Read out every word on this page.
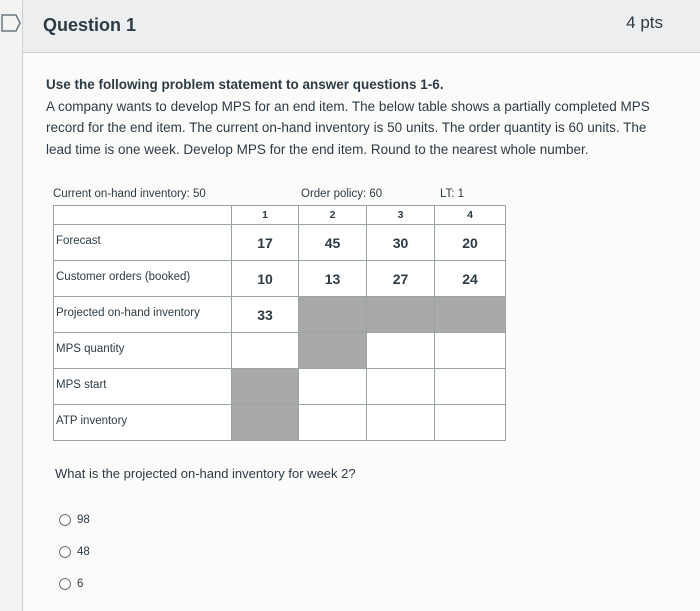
Question 1	4 pts
Use the following problem statement to answer questions 1-6.
A company wants to develop MPS for an end item. The below table shows a partially completed MPS record for the end item. The current on-hand inventory is 50 units. The order quantity is 60 units. The lead time is one week. Develop MPS for the end item. Round to the nearest whole number.
Current on-hand inventory: 50	Order policy: 60	LT: 1
	1	2	3	4
Forecast	17	45	30	20
Customer orders (booked)	10	13	27	24
Projected on-hand inventory	33			
MPS quantity				
MPS start				
ATP inventory				
What is the projected on-hand inventory for week 2?
98
48
6
